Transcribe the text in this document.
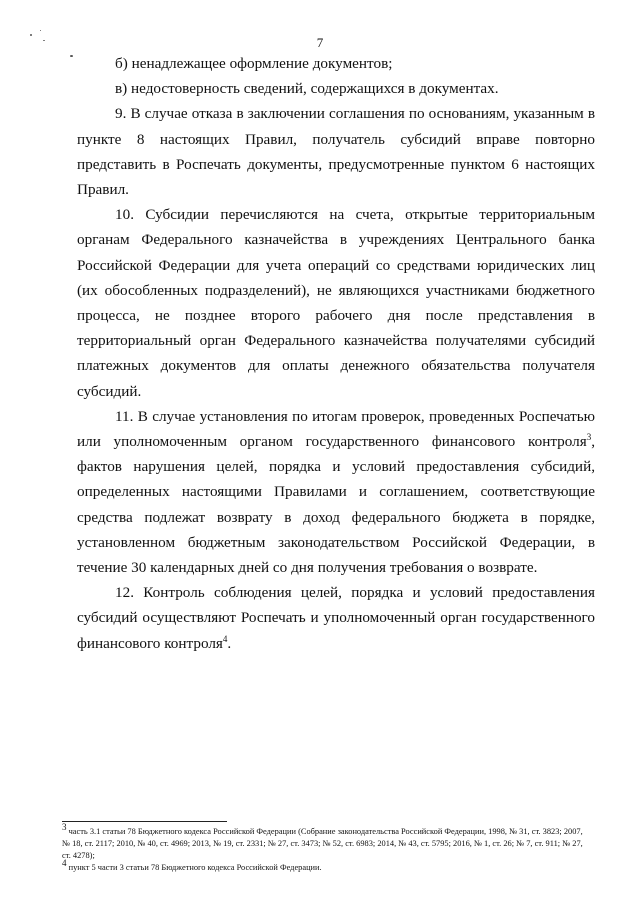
7

б) ненадлежащее оформление документов;

в) недостоверность сведений, содержащихся в документах.

9. В случае отказа в заключении соглашения по основаниям, указанным в пункте 8 настоящих Правил, получатель субсидий вправе повторно представить в Роспечать документы, предусмотренные пунктом 6 настоящих Правил.

10. Субсидии перечисляются на счета, открытые территориальным органам Федерального казначейства в учреждениях Центрального банка Российской Федерации для учета операций со средствами юридических лиц (их обособленных подразделений), не являющихся участниками бюджетного процесса, не позднее второго рабочего дня после представления в территориальный орган Федерального казначейства получателями субсидий платежных документов для оплаты денежного обязательства получателя субсидий.

11. В случае установления по итогам проверок, проведенных Роспечатью или уполномоченным органом государственного финансового контроля$^3$, фактов нарушения целей, порядка и условий предоставления субсидий, определенных настоящими Правилами и соглашением, соответствующие средства подлежат возврату в доход федерального бюджета в порядке, установленном бюджетным законодательством Российской Федерации, в течение 30 календарных дней со дня получения требования о возврате.

12. Контроль соблюдения целей, порядка и условий предоставления субсидий осуществляют Роспечать и уполномоченный орган государственного финансового контроля$^4$.

$^3$ часть 3.1 статьи 78 Бюджетного кодекса Российской Федерации (Собрание законодательства Российской Федерации, 1998, № 31, ст. 3823; 2007, № 18, ст. 2117; 2010, № 40, ст. 4969; 2013, № 19, ст. 2331; № 27, ст. 3473; № 52, ст. 6983; 2014, № 43, ст. 5795; 2016, № 1, ст. 26; № 7, ст. 911; № 27, ст. 4278);

$^4$ пункт 5 части 3 статьи 78 Бюджетного кодекса Российской Федерации.
